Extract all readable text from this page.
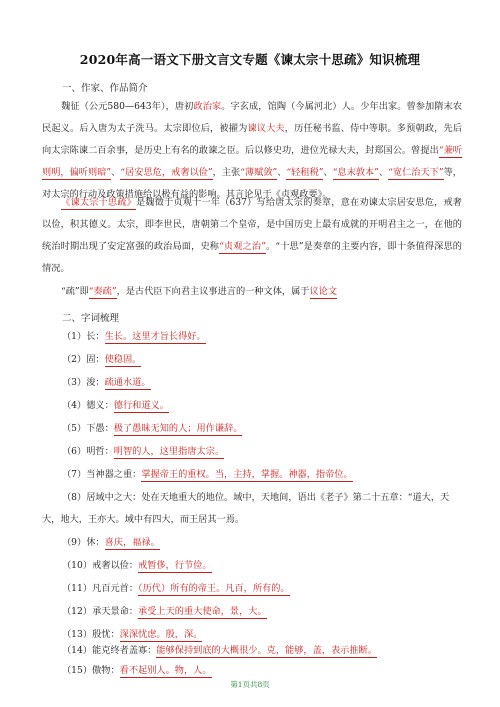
2020年高一语文下册文言文专题《谏太宗十思疏》知识梳理
一、作家、作品简介
魏征（公元580—643年），唐初政治家。字玄成，馆陶（今属河北）人。少年出家。曾参加隋末农民起义。后入唐为太子洗马。太宗即位后，被擢为谏议大夫，历任秘书监、侍中等职。多预朝政，先后向太宗陈谏二百余事，是历史上有名的敢谏之臣。后以修史功，进位光禄大夫，封郑国公。曾提出“兼听则明，偏听则暗”、“居安思危，戒奢以俭”，主张“薄赋敛”、“轻租税”、“息末敦本”、“宽仁治天下”等，对太宗的行动及政策措施给以极有益的影响。其言论见于《贞观政要》。
《谏太宗十思疏》是魏徵于贞观十一年（637）写给唐太宗的奏章，意在劝谏太宗居安思危，戒奢以俭，积其德义。太宗，即李世民，唐朝第二个皇帝，是中国历史上最有成就的开明君主之一，在他的统治时期出现了安定富强的政治局面，史称“贞观之治”。“十思”是奏章的主要内容，即十条值得深思的情况。
“疏”即“奏疏”，是古代臣下向君主议事进言的一种文体，属于议论文
二、字词梳理
（1）长：生长。这里才旨长得好。
（2）固：使稳固。
（3）浚：疏通水道。
（4）德义：德行和道义。
（5）下愚：极了愚昧无知的人；用作谦辞。
（6）明哲：明智的人，这里指唐太宗。
（7）当神器之重：掌握帝王的重权。当，主持，掌握。神器，指帝位。
（8）居域中之大：处在天地重大的地位。域中，天地间，语出《老子》第二十五章：“道大，天大，地大，王亦大。域中有四大，而王居其一焉。
（9）休：喜庆，福禄。
（10）戒奢以俭：戒暂侈，行节俭。
（11）凡百元首：（历代）所有的帝王。凡百，所有的。
（12）承天景命：承受上天的重大使命，景，大。
（13）殷忧：深深忧虑。殷，深。
（14）能克终者盖寡：能够保持到底的大概很少。克，能够，盖，表示推断。
（15）傲物：看不起别人。物，人。
第1页共8页
